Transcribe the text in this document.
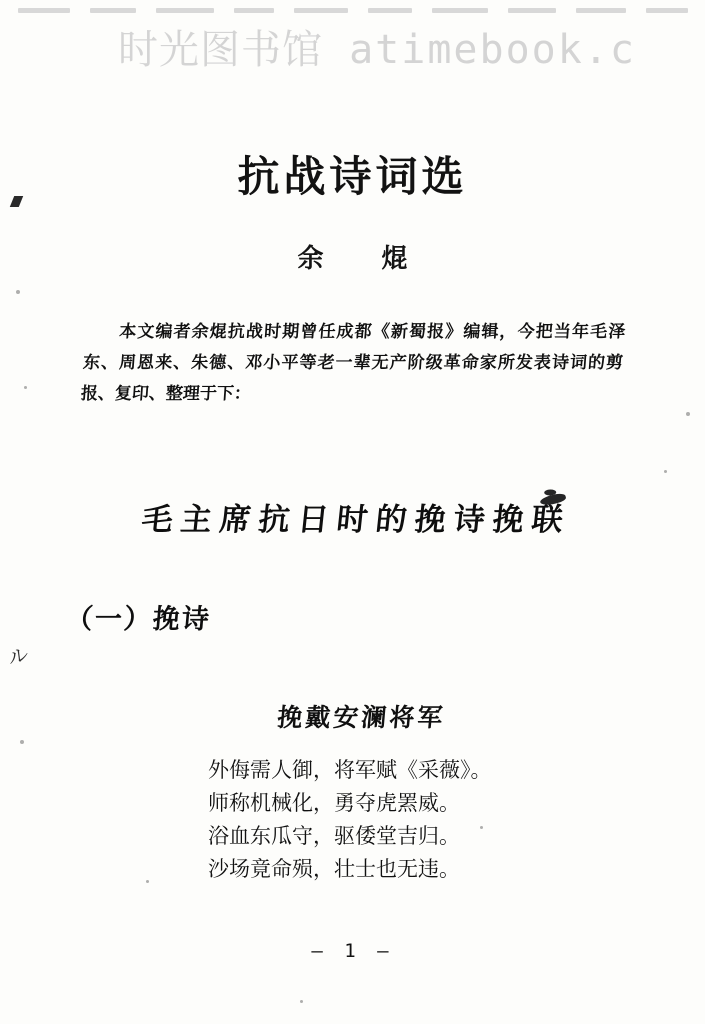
时光图书馆 atimebook.c
抗战诗词选
余　焜
本文编者余焜抗战时期曾任成都《新蜀报》编辑，今把当年毛泽东、周恩来、朱德、邓小平等老一辈无产阶级革命家所发表诗词的剪报、复印、整理于下：
毛主席抗日时的挽诗挽联
（一）挽诗
挽戴安澜将军
外侮需人御，将军赋《采薇》。
师称机械化，勇夺虎罴威。
浴血东瓜守，驱倭堂吉归。
沙场竟命殒，壮士也无违。
— 1 —
ル
